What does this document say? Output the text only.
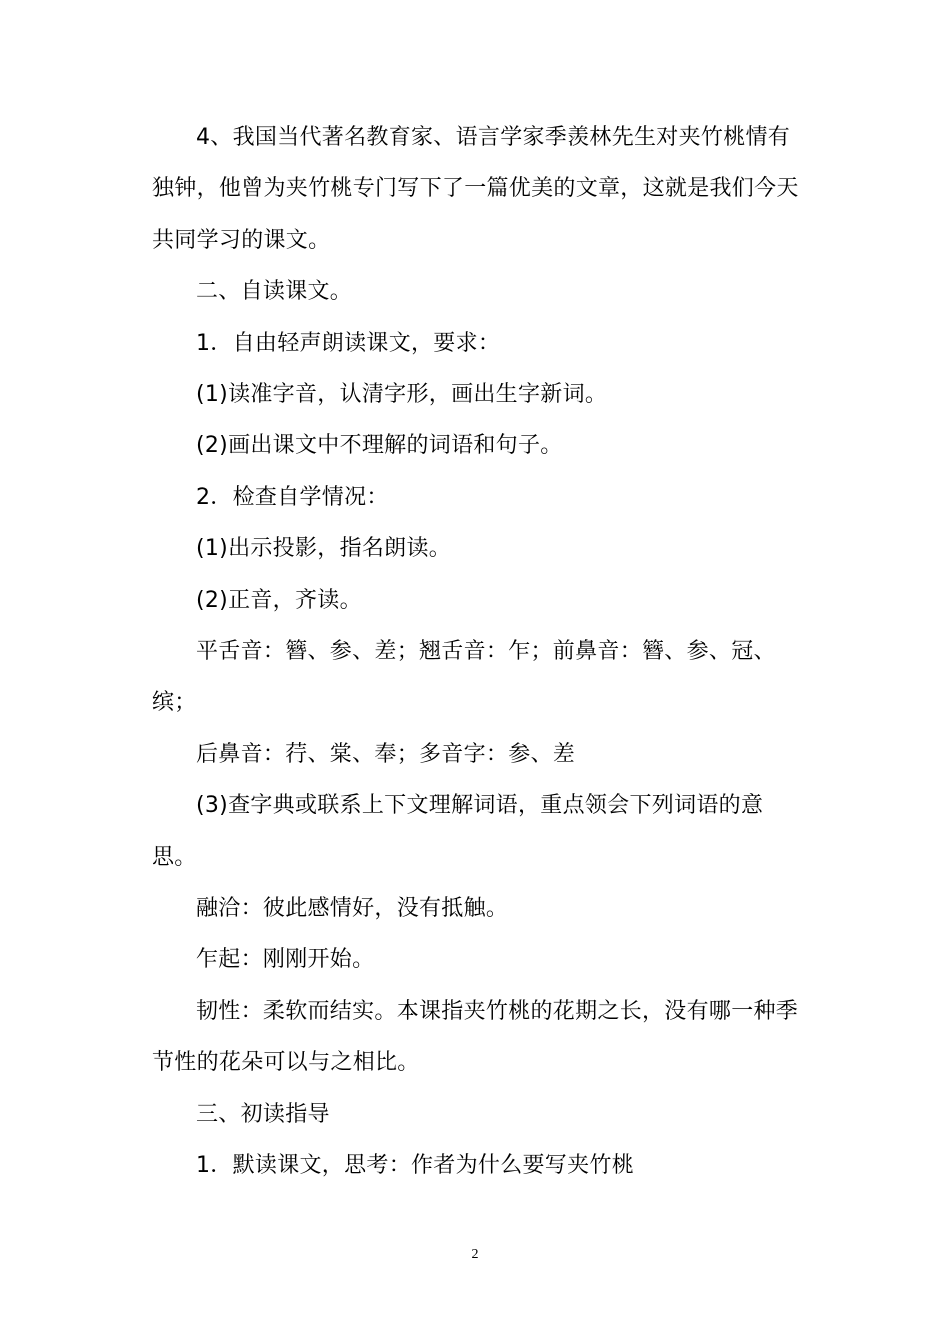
4、我国当代著名教育家、语言学家季羡林先生对夹竹桃情有
独钟，他曾为夹竹桃专门写下了一篇优美的文章，这就是我们今天
共同学习的课文。
二、自读课文。
1．自由轻声朗读课文，要求：
(1)读准字音，认清字形，画出生字新词。
(2)画出课文中不理解的词语和句子。
2．检查自学情况：
(1)出示投影，指名朗读。
(2)正音，齐读。
平舌音：簪、参、差；翘舌音：乍；前鼻音：簪、参、冠、
缤；
后鼻音：荇、棠、奉；多音字：参、差
(3)查字典或联系上下文理解词语，重点领会下列词语的意
思。
融洽：彼此感情好，没有抵触。
乍起：刚刚开始。
韧性：柔软而结实。本课指夹竹桃的花期之长，没有哪一种季
节性的花朵可以与之相比。
三、初读指导
1．默读课文，思考：作者为什么要写夹竹桃
2
